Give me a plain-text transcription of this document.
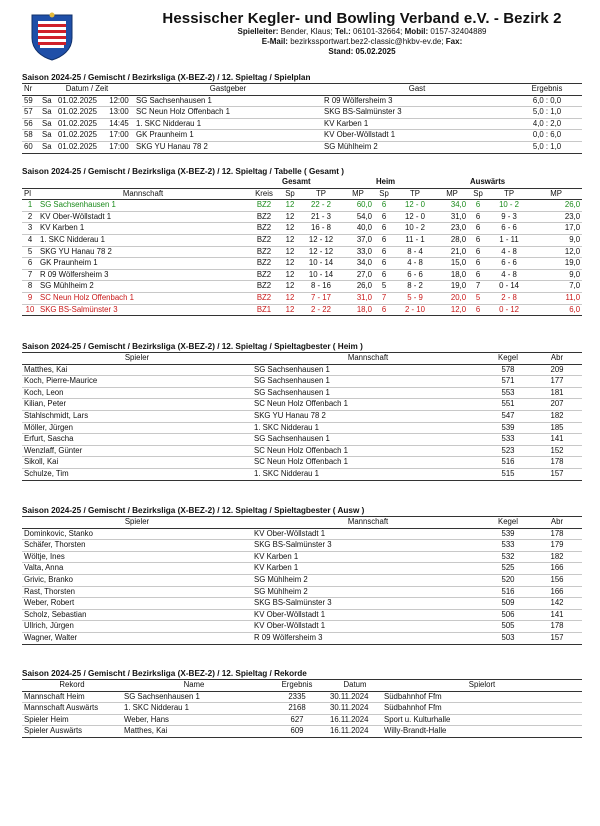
Hessischer Kegler- und Bowling Verband e.V. - Bezirk 2
Spielleiter: Bender, Klaus; Tel.: 06101-32664; Mobil: 0157-32404889
E-Mail: bezirkssportwart.bez2-classic@hkbv-ev.de; Fax:
Stand: 05.02.2025
Saison 2024-25 / Gemischt / Bezirksliga (X-BEZ-2) / 12. Spieltag / Spielplan
Nr	Datum / Zeit			Gastgeber	Gast	Ergebnis
59	Sa	01.02.2025	12:00	SG Sachsenhausen 1	R 09 Wölfersheim 3	6,0 : 0,0
57	Sa	01.02.2025	13:00	SC Neun Holz Offenbach 1	SKG BS-Salmünster 3	5,0 : 1,0
56	Sa	01.02.2025	14:45	1. SKC Nidderau 1	KV Karben 1	4,0 : 2,0
58	Sa	01.02.2025	17:00	GK Praunheim 1	KV Ober-Wöllstadt 1	0,0 : 6,0
60	Sa	01.02.2025	17:00	SKG YU Hanau 78 2	SG Mühlheim 2	5,0 : 1,0
Saison 2024-25 / Gemischt / Bezirksliga (X-BEZ-2) / 12. Spieltag / Tabelle ( Gesamt )
			Gesamt			Heim			Auswärts		
Pl	Mannschaft	Kreis	Sp	TP	MP	Sp	TP	MP	Sp	TP	MP
1	SG Sachsenhausen 1	BZ2	12	22 - 2	60,0	6	12 - 0	34,0	6	10 - 2	26,0
2	KV Ober-Wöllstadt 1	BZ2	12	21 - 3	54,0	6	12 - 0	31,0	6	9 - 3	23,0
3	KV Karben 1	BZ2	12	16 - 8	40,0	6	10 - 2	23,0	6	6 - 6	17,0
4	1. SKC Nidderau 1	BZ2	12	12 - 12	37,0	6	11 - 1	28,0	6	1 - 11	9,0
5	SKG YU Hanau 78 2	BZ2	12	12 - 12	33,0	6	8 - 4	21,0	6	4 - 8	12,0
6	GK Praunheim 1	BZ2	12	10 - 14	34,0	6	4 - 8	15,0	6	6 - 6	19,0
7	R 09 Wölfersheim 3	BZ2	12	10 - 14	27,0	6	6 - 6	18,0	6	4 - 8	9,0
8	SG Mühlheim 2	BZ2	12	8 - 16	26,0	5	8 - 2	19,0	7	0 - 14	7,0
9	SC Neun Holz Offenbach 1	BZ2	12	7 - 17	31,0	7	5 - 9	20,0	5	2 - 8	11,0
10	SKG BS-Salmünster 3	BZ1	12	2 - 22	18,0	6	2 - 10	12,0	6	0 - 12	6,0
Saison 2024-25 / Gemischt / Bezirksliga (X-BEZ-2) / 12. Spieltag / Spieltagbester ( Heim )
Spieler	Mannschaft	Kegel	Abr
Matthes, Kai	SG Sachsenhausen 1	578	209
Koch, Pierre-Maurice	SG Sachsenhausen 1	571	177
Koch, Leon	SG Sachsenhausen 1	553	181
Kilian, Peter	SC Neun Holz Offenbach 1	551	207
Stahlschmidt, Lars	SKG YU Hanau 78 2	547	182
Möller, Jürgen	1. SKC Nidderau 1	539	185
Erfurt, Sascha	SG Sachsenhausen 1	533	141
Wenzlaff, Günter	SC Neun Holz Offenbach 1	523	152
Sikoll, Kai	SC Neun Holz Offenbach 1	516	178
Schulze, Tim	1. SKC Nidderau 1	515	157
Saison 2024-25 / Gemischt / Bezirksliga (X-BEZ-2) / 12. Spieltag / Spieltagbester ( Ausw )
Spieler	Mannschaft	Kegel	Abr
Dominkovic, Stanko	KV Ober-Wöllstadt 1	539	178
Schäfer, Thorsten	SKG BS-Salmünster 3	533	179
Wöltje, Ines	KV Karben 1	532	182
Valta, Anna	KV Karben 1	525	166
Grivic, Branko	SG Mühlheim 2	520	156
Rast, Thorsten	SG Mühlheim 2	516	166
Weber, Robert	SKG BS-Salmünster 3	509	142
Scholz, Sebastian	KV Ober-Wöllstadt 1	506	141
Ullrich, Jürgen	KV Ober-Wöllstadt 1	505	178
Wagner, Walter	R 09 Wölfersheim 3	503	157
Saison 2024-25 / Gemischt / Bezirksliga (X-BEZ-2) / 12. Spieltag / Rekorde
Rekord	Name	Ergebnis	Datum	Spielort
Mannschaft Heim	SG Sachsenhausen 1	2335	30.11.2024	Südbahnhof Ffm
Mannschaft Auswärts	1. SKC Nidderau 1	2168	30.11.2024	Südbahnhof Ffm
Spieler Heim	Weber, Hans	627	16.11.2024	Sport u. Kulturhalle
Spieler Auswärts	Matthes, Kai	609	16.11.2024	Willy-Brandt-Halle
